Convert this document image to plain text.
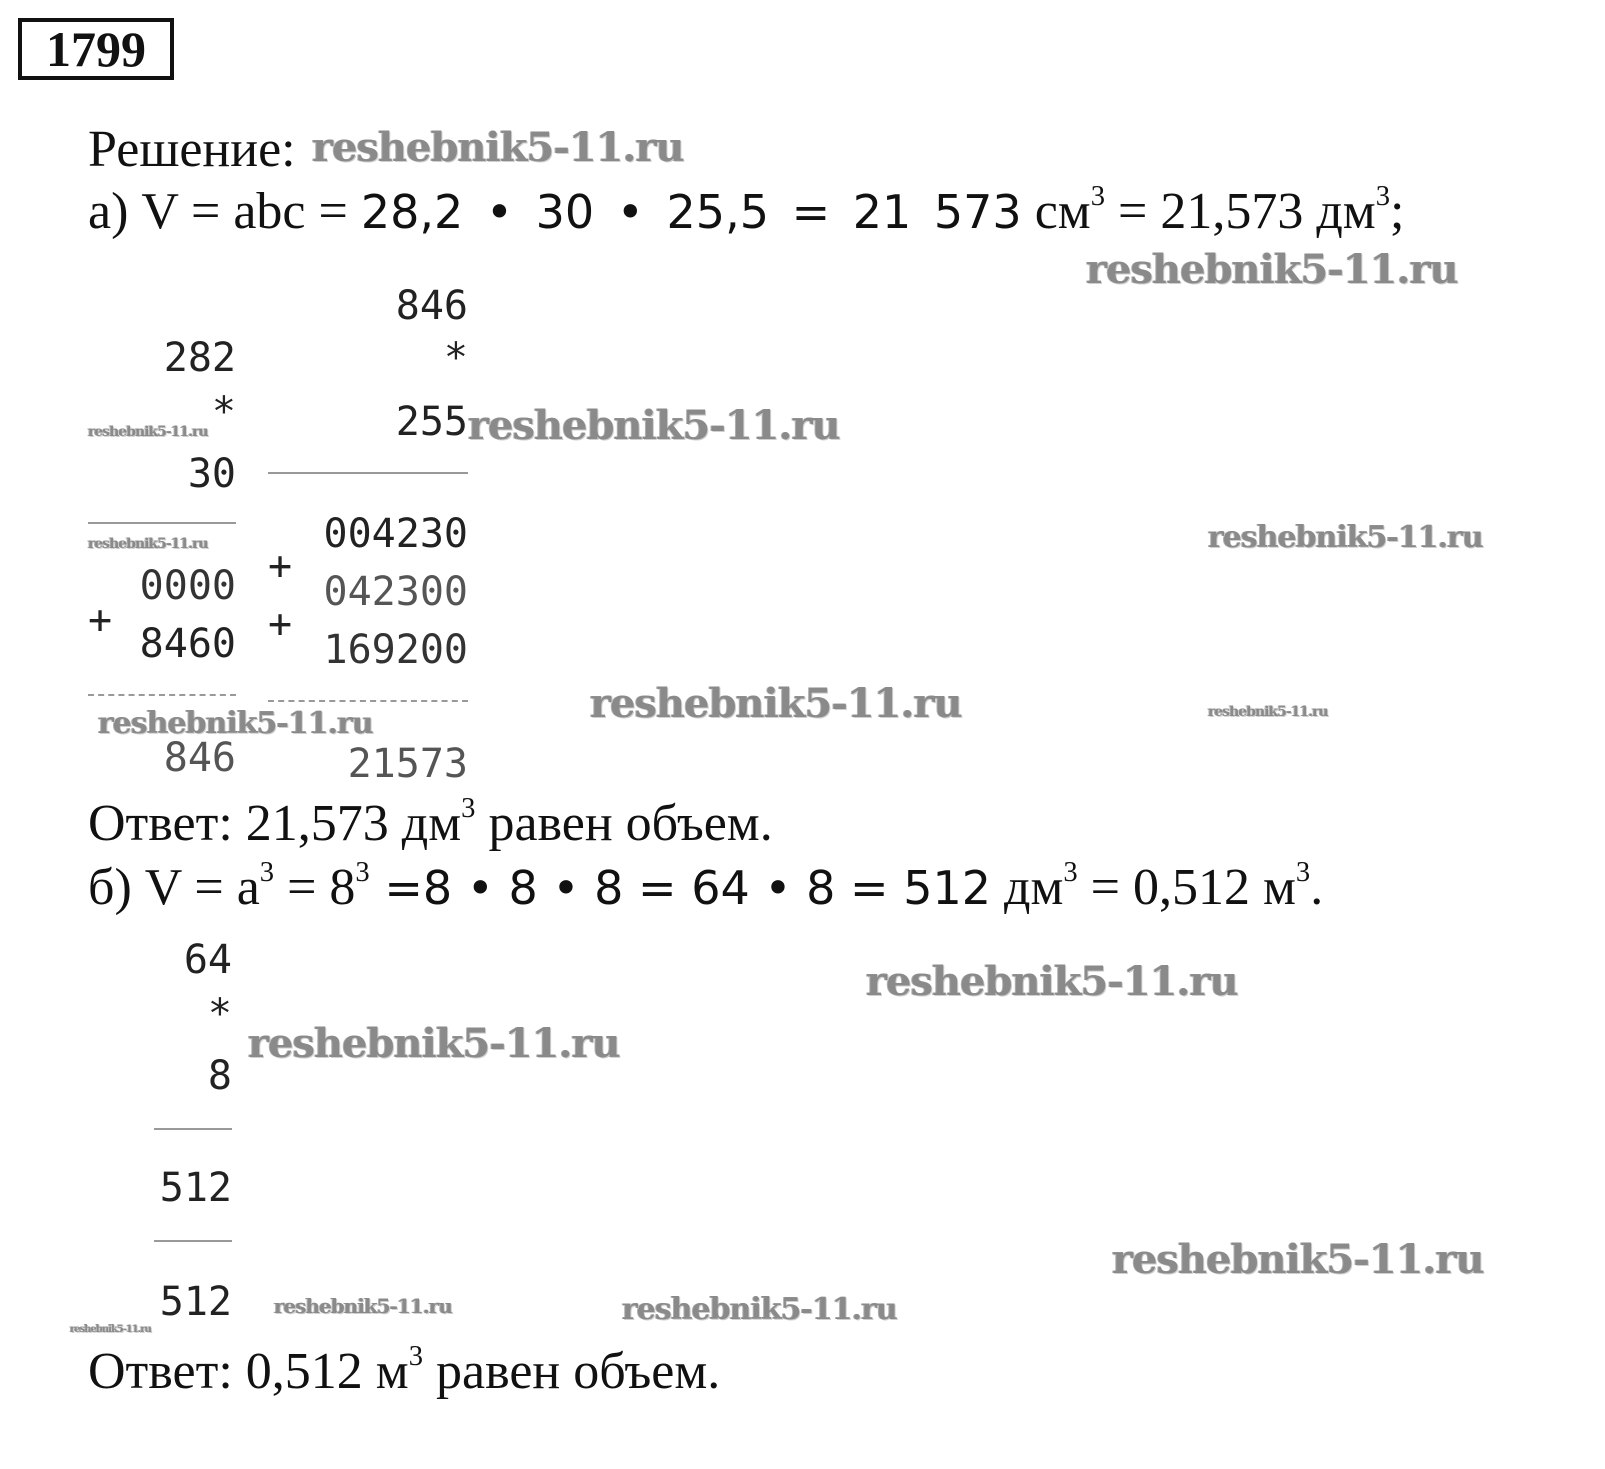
1799
Решение:
а) V = abc = 28,2 • 30 • 25,5 = 21 573 $см^3 = 21,573$ $дм^3$;
282
*
30
0000
+
8460
846
846
*
255
004230
+
042300
+
169200
21573
Ответ: 21,573 $дм^3$ равен объем.
б) $V = a^3 = 8^3 =8$ • 8 • 8 = 64 • 8 = 512 $дм^3 = 0,512$ $м^3$.
64
*
8
512
512
Ответ: 0,512 $м^3$ равен объем.
reshebnik5-11.ru
reshebnik5-11.ru
reshebnik5-11.ru
reshebnik5-11.ru
reshebnik5-11.ru
reshebnik5-11.ru
reshebnik5-11.ru	reshebnik5-11.ru
reshebnik5-11.ru
reshebnik5-11.ru
reshebnik5-11.ru
reshebnik5-11.ru
reshebnik5-11.ru	reshebnik5-11.ru
reshebnik5-11.ru
